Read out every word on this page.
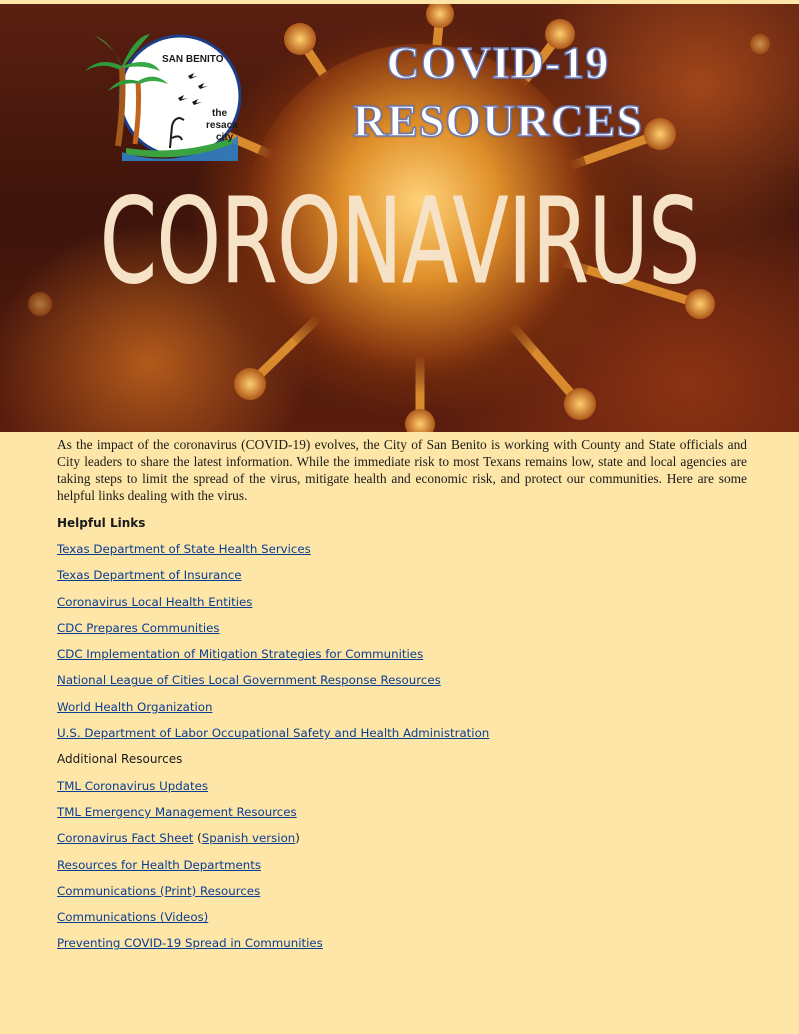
SAN BENITO
the
resaca
city
COVID-19
RESOURCES
CORONAVIRUS

As the impact of the coronavirus (COVID-19) evolves, the City of San Benito is working with County and State officials and City leaders to share the latest information. While the immediate risk to most Texans remains low, state and local agencies are taking steps to limit the spread of the virus, mitigate health and economic risk, and protect our communities. Here are some helpful links dealing with the virus.

Helpful Links
Texas Department of State Health Services
Texas Department of Insurance
Coronavirus Local Health Entities
CDC Prepares Communities
CDC Implementation of Mitigation Strategies for Communities
National League of Cities Local Government Response Resources
World Health Organization
U.S. Department of Labor Occupational Safety and Health Administration
Additional Resources
TML Coronavirus Updates
TML Emergency Management Resources
Coronavirus Fact Sheet (Spanish version)
Resources for Health Departments
Communications (Print) Resources
Communications (Videos)
Preventing COVID-19 Spread in Communities
